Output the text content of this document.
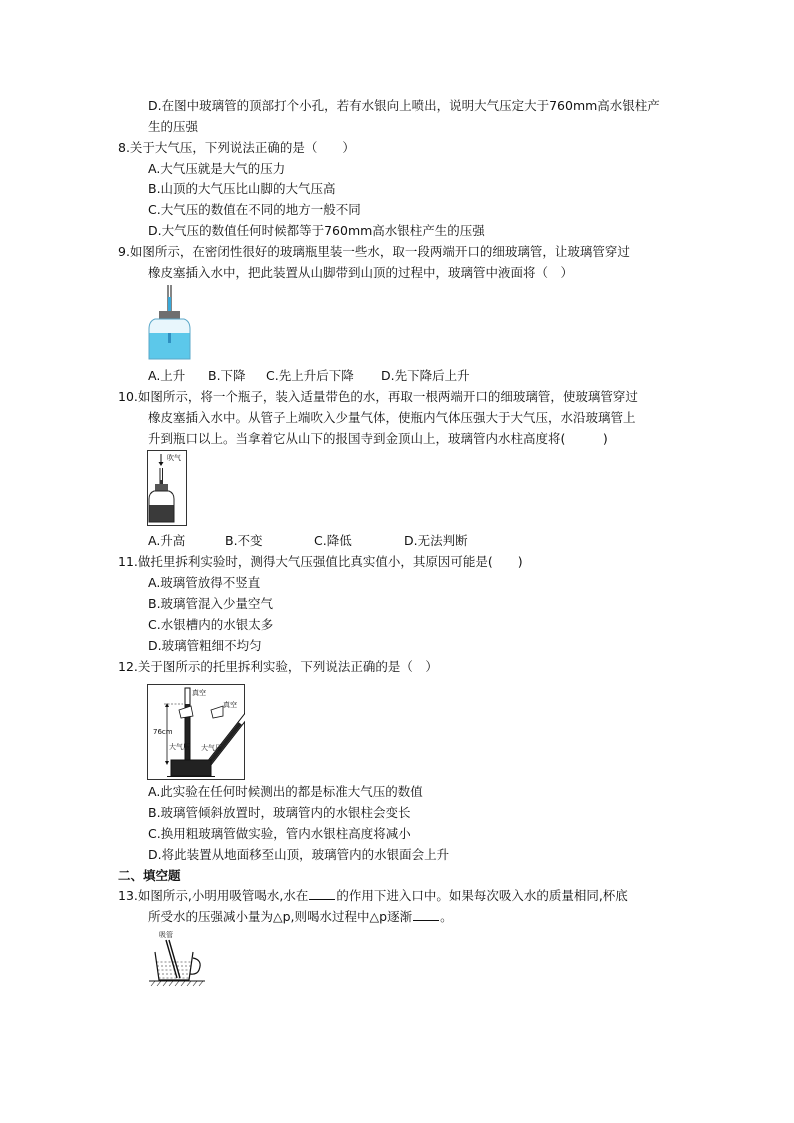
D.在图中玻璃管的顶部打个小孔，若有水银向上喷出，说明大气压定大于760mm高水银柱产
生的压强
8.关于大气压，下列说法正确的是（　　）
A.大气压就是大气的压力
B.山顶的大气压比山脚的大气压高
C.大气压的数值在不同的地方一般不同
D.大气压的数值任何时候都等于760mm高水银柱产生的压强
9.如图所示，在密闭性很好的玻璃瓶里装一些水，取一段两端开口的细玻璃管，让玻璃管穿过
橡皮塞插入水中，把此装置从山脚带到山顶的过程中，玻璃管中液面将（　）
A.上升 B.下降 C.先上升后下降 D.先下降后上升
10.如图所示，将一个瓶子，装入适量带色的水，再取一根两端开口的细玻璃管，使玻璃管穿过
橡皮塞插入水中。从管子上端吹入少量气体，使瓶内气体压强大于大气压，水沿玻璃管上
升到瓶口以上。当拿着它从山下的报国寺到金顶山上，玻璃管内水柱高度将(　　　)
吹气
A.升高	B.不变	C.降低	D.无法判断
11.做托里拆利实验时，测得大气压强值比真实值小，其原因可能是(　　)
A.玻璃管放得不竖直
B.玻璃管混入少量空气
C.水银槽内的水银太多
D.玻璃管粗细不均匀
12.关于图所示的托里拆利实验，下列说法正确的是（　）
真空
真空
76cm
大气压 大气压
A.此实验在任何时候测出的都是标准大气压的数值
B.玻璃管倾斜放置时，玻璃管内的水银柱会变长
C.换用粗玻璃管做实验，管内水银柱高度将减小
D.将此装置从地面移至山顶，玻璃管内的水银面会上升
二、填空题
13.如图所示,小明用吸管喝水,水在 的作用下进入口中。如果每次吸入水的质量相同,杯底
所受水的压强减小量为△p,则喝水过程中△p逐渐 。
吸管
